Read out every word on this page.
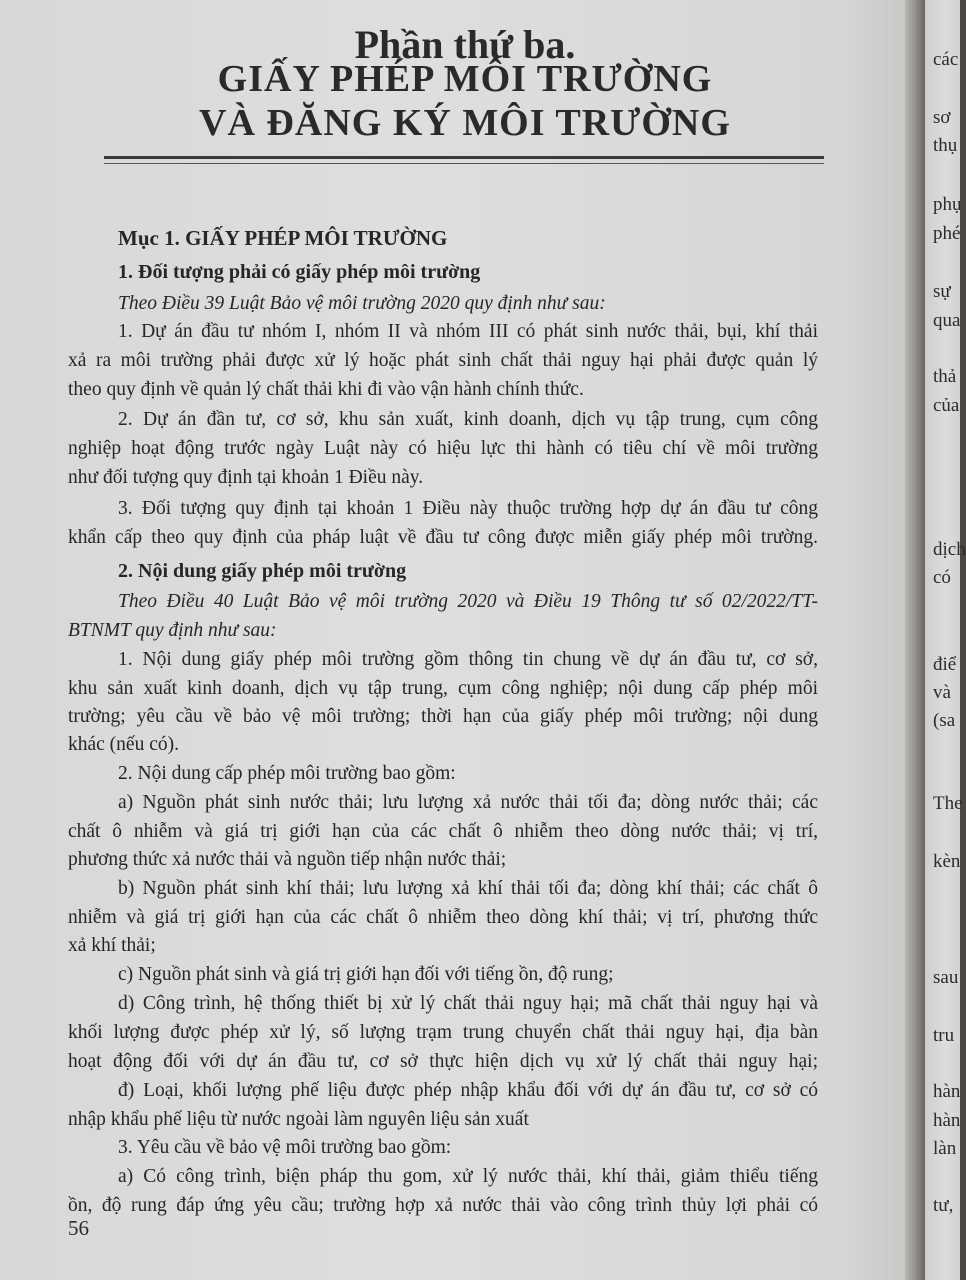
Phần thứ ba.
GIẤY PHÉP MÔI TRƯỜNG
VÀ ĐĂNG KÝ MÔI TRƯỜNG
Mục 1. GIẤY PHÉP MÔI TRƯỜNG
1. Đối tượng phải có giấy phép môi trường
Theo Điều 39 Luật Bảo vệ môi trường 2020 quy định như sau:
1. Dự án đầu tư nhóm I, nhóm II và nhóm III có phát sinh nước thải, bụi, khí thải
xả ra môi trường phải được xử lý hoặc phát sinh chất thải nguy hại phải được quản lý
theo quy định về quản lý chất thải khi đi vào vận hành chính thức.
2. Dự án đần tư, cơ sở, khu sản xuất, kinh doanh, dịch vụ tập trung, cụm công
nghiệp hoạt động trước ngày Luật này có hiệu lực thi hành có tiêu chí về môi trường
như đối tượng quy định tại khoản 1 Điều này.
3. Đối tượng quy định tại khoản 1 Điều này thuộc trường hợp dự án đầu tư công
khẩn cấp theo quy định của pháp luật về đầu tư công được miễn giấy phép môi trường.
2. Nội dung giấy phép môi trường
Theo Điều 40 Luật Bảo vệ môi trường 2020 và Điều 19 Thông tư số 02/2022/TT-
BTNMT quy định như sau:
1. Nội dung giấy phép môi trường gồm thông tin chung về dự án đầu tư, cơ sở,
khu sản xuất kinh doanh, dịch vụ tập trung, cụm công nghiệp; nội dung cấp phép môi
trường; yêu cầu về bảo vệ môi trường; thời hạn của giấy phép môi trường; nội dung
khác (nếu có).
2. Nội dung cấp phép môi trường bao gồm:
a) Nguồn phát sinh nước thải; lưu lượng xả nước thải tối đa; dòng nước thải; các
chất ô nhiễm và giá trị giới hạn của các chất ô nhiễm theo dòng nước thải; vị trí,
phương thức xả nước thải và nguồn tiếp nhận nước thải;
b) Nguồn phát sinh khí thải; lưu lượng xả khí thải tối đa; dòng khí thải; các chất ô
nhiễm và giá trị giới hạn của các chất ô nhiễm theo dòng khí thải; vị trí, phương thức
xả khí thải;
c) Nguồn phát sinh và giá trị giới hạn đối với tiếng ồn, độ rung;
d) Công trình, hệ thống thiết bị xử lý chất thải nguy hại; mã chất thải nguy hại và
khối lượng được phép xử lý, số lượng trạm trung chuyển chất thải nguy hại, địa bàn
hoạt động đối với dự án đầu tư, cơ sở thực hiện dịch vụ xử lý chất thải nguy hại;
đ) Loại, khối lượng phế liệu được phép nhập khẩu đối với dự án đầu tư, cơ sở có
nhập khẩu phế liệu từ nước ngoài làm nguyên liệu sản xuất
3. Yêu cầu về bảo vệ môi trường bao gồm:
a) Có công trình, biện pháp thu gom, xử lý nước thải, khí thải, giảm thiểu tiếng
ồn, độ rung đáp ứng yêu cầu; trường hợp xả nước thải vào công trình thủy lợi phải có
56
các
sơ
thụ
phụ
phé
sự
qua
thả
của
dịch
có
điể
và
(sa
The
kèn
sau
tru
hàn
hàn
làn
tư,
